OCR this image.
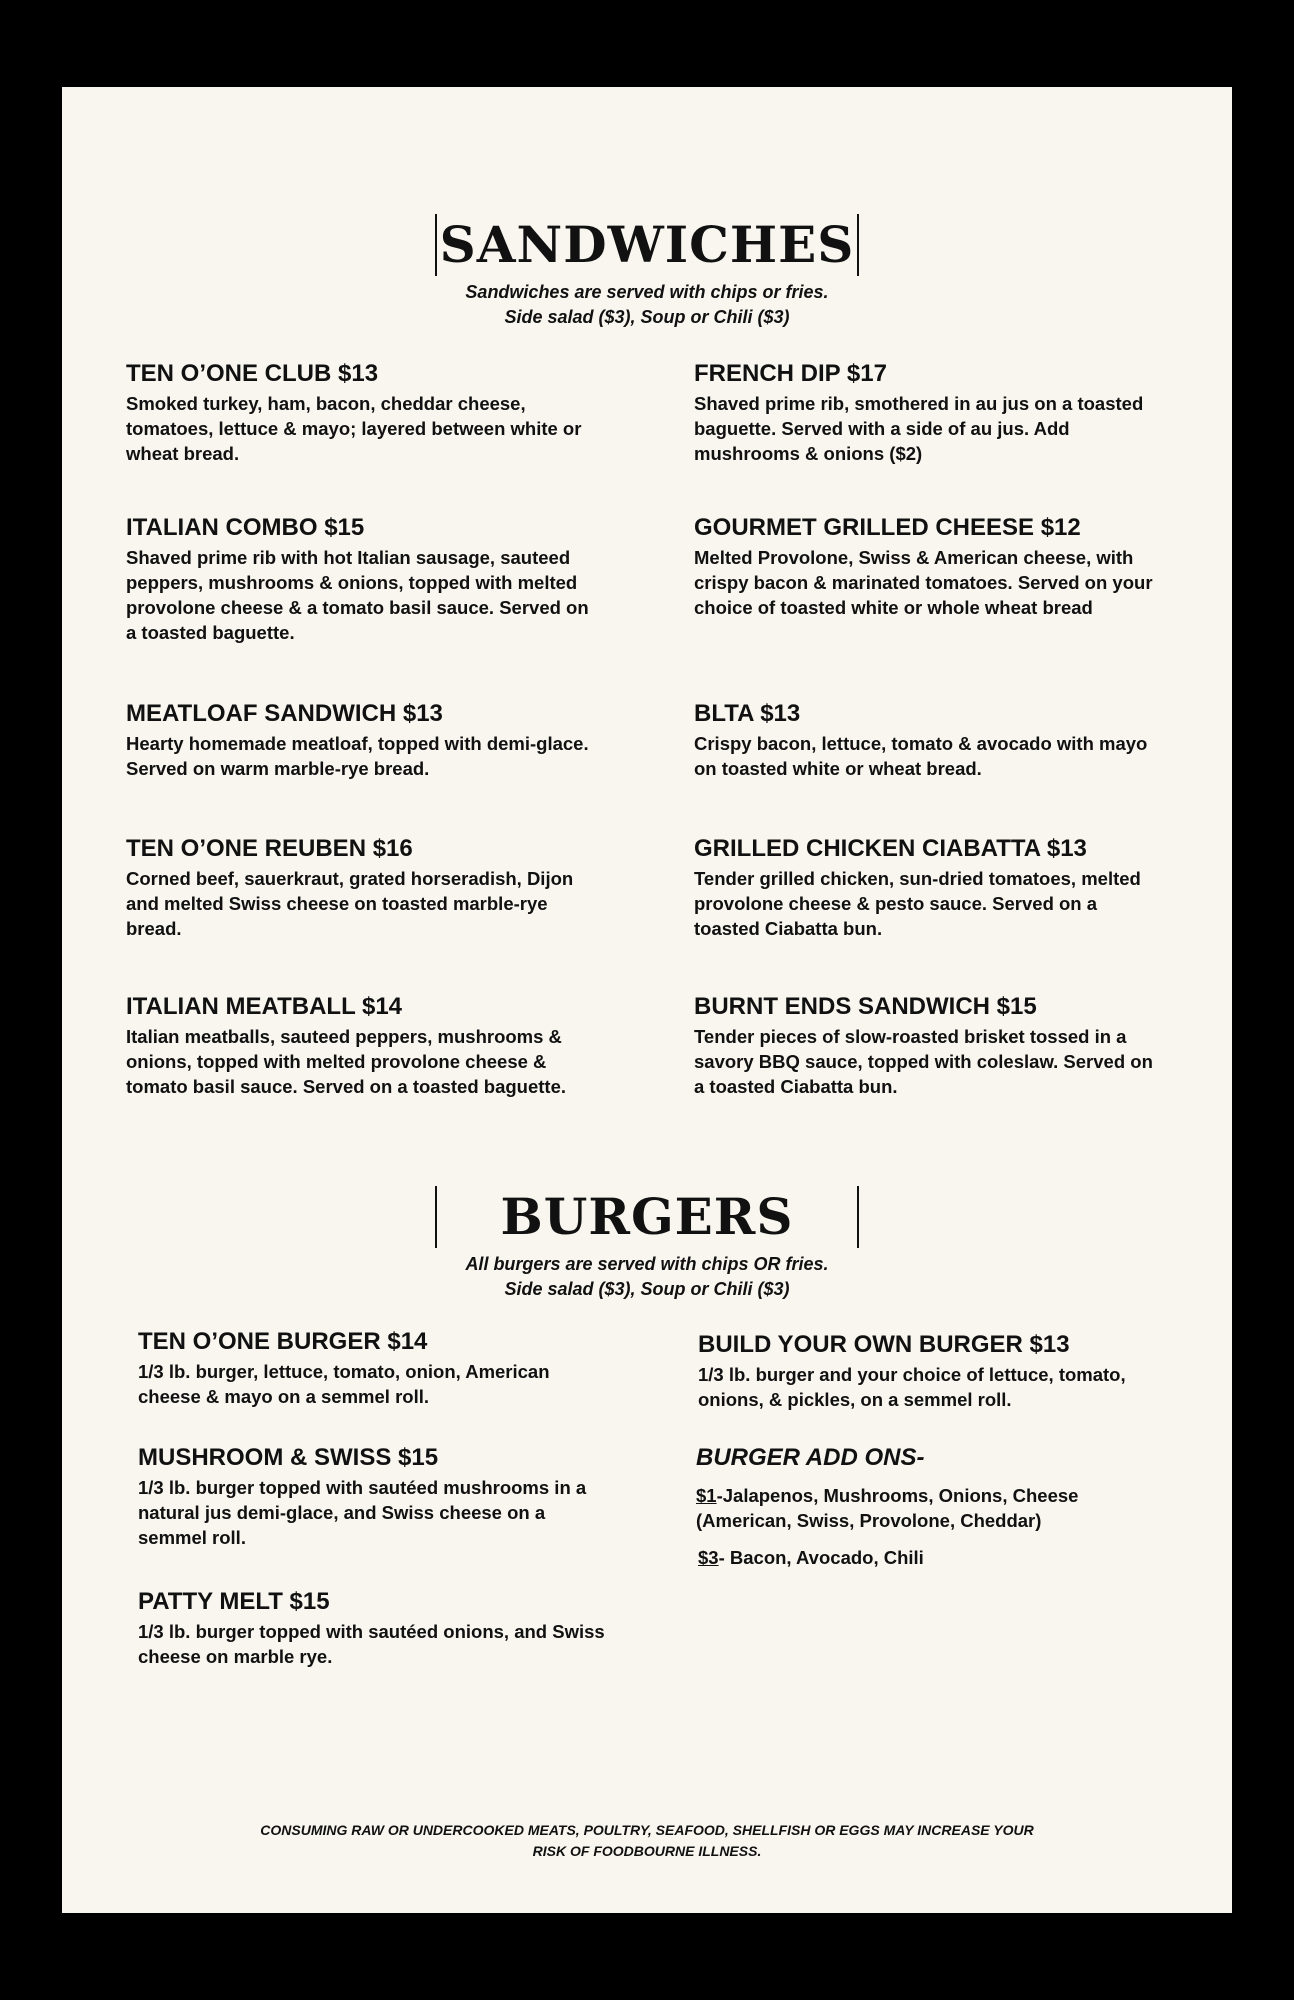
SANDWICHES
Sandwiches are served with chips or fries.
Side salad ($3), Soup or Chili ($3)
TEN O’ONE CLUB $13
Smoked turkey, ham, bacon, cheddar cheese, tomatoes, lettuce & mayo; layered between white or wheat bread.
FRENCH DIP $17
Shaved prime rib, smothered in au jus on a toasted baguette. Served with a side of au jus. Add mushrooms & onions ($2)
ITALIAN COMBO $15
Shaved prime rib with hot Italian sausage, sauteed peppers, mushrooms & onions, topped with melted provolone cheese & a tomato basil sauce. Served on a toasted baguette.
GOURMET GRILLED CHEESE $12
Melted Provolone, Swiss & American cheese, with crispy bacon & marinated tomatoes. Served on your choice of toasted white or whole wheat bread
MEATLOAF SANDWICH $13
Hearty homemade meatloaf, topped with demi-glace. Served on warm marble-rye bread.
BLTA $13
Crispy bacon, lettuce, tomato & avocado with mayo on toasted white or wheat bread.
TEN O’ONE REUBEN $16
Corned beef, sauerkraut, grated horseradish, Dijon and melted Swiss cheese on toasted marble-rye bread.
GRILLED CHICKEN CIABATTA $13
Tender grilled chicken, sun-dried tomatoes, melted provolone cheese & pesto sauce. Served on a toasted Ciabatta bun.
ITALIAN MEATBALL $14
Italian meatballs, sauteed peppers, mushrooms & onions, topped with melted provolone cheese & tomato basil sauce. Served on a toasted baguette.
BURNT ENDS SANDWICH $15
Tender pieces of slow-roasted brisket tossed in a savory BBQ sauce, topped with coleslaw. Served on a toasted Ciabatta bun.
BURGERS
All burgers are served with chips OR fries.
Side salad ($3), Soup or Chili ($3)
TEN O’ONE BURGER $14
1/3 lb. burger, lettuce, tomato, onion, American cheese & mayo on a semmel roll.
BUILD YOUR OWN BURGER $13
1/3 lb. burger and your choice of lettuce, tomato, onions, & pickles, on a semmel roll.
MUSHROOM & SWISS $15
1/3 lb. burger topped with sautéed mushrooms in a natural jus demi-glace, and Swiss cheese on a semmel roll.
PATTY MELT $15
1/3 lb. burger topped with sautéed onions, and Swiss cheese on marble rye.
BURGER ADD ONS-
$1-Jalapenos, Mushrooms, Onions, Cheese (American, Swiss, Provolone, Cheddar)
$3- Bacon, Avocado, Chili
CONSUMING RAW OR UNDERCOOKED MEATS, POULTRY, SEAFOOD, SHELLFISH OR EGGS MAY INCREASE YOUR
RISK OF FOODBOURNE ILLNESS.
